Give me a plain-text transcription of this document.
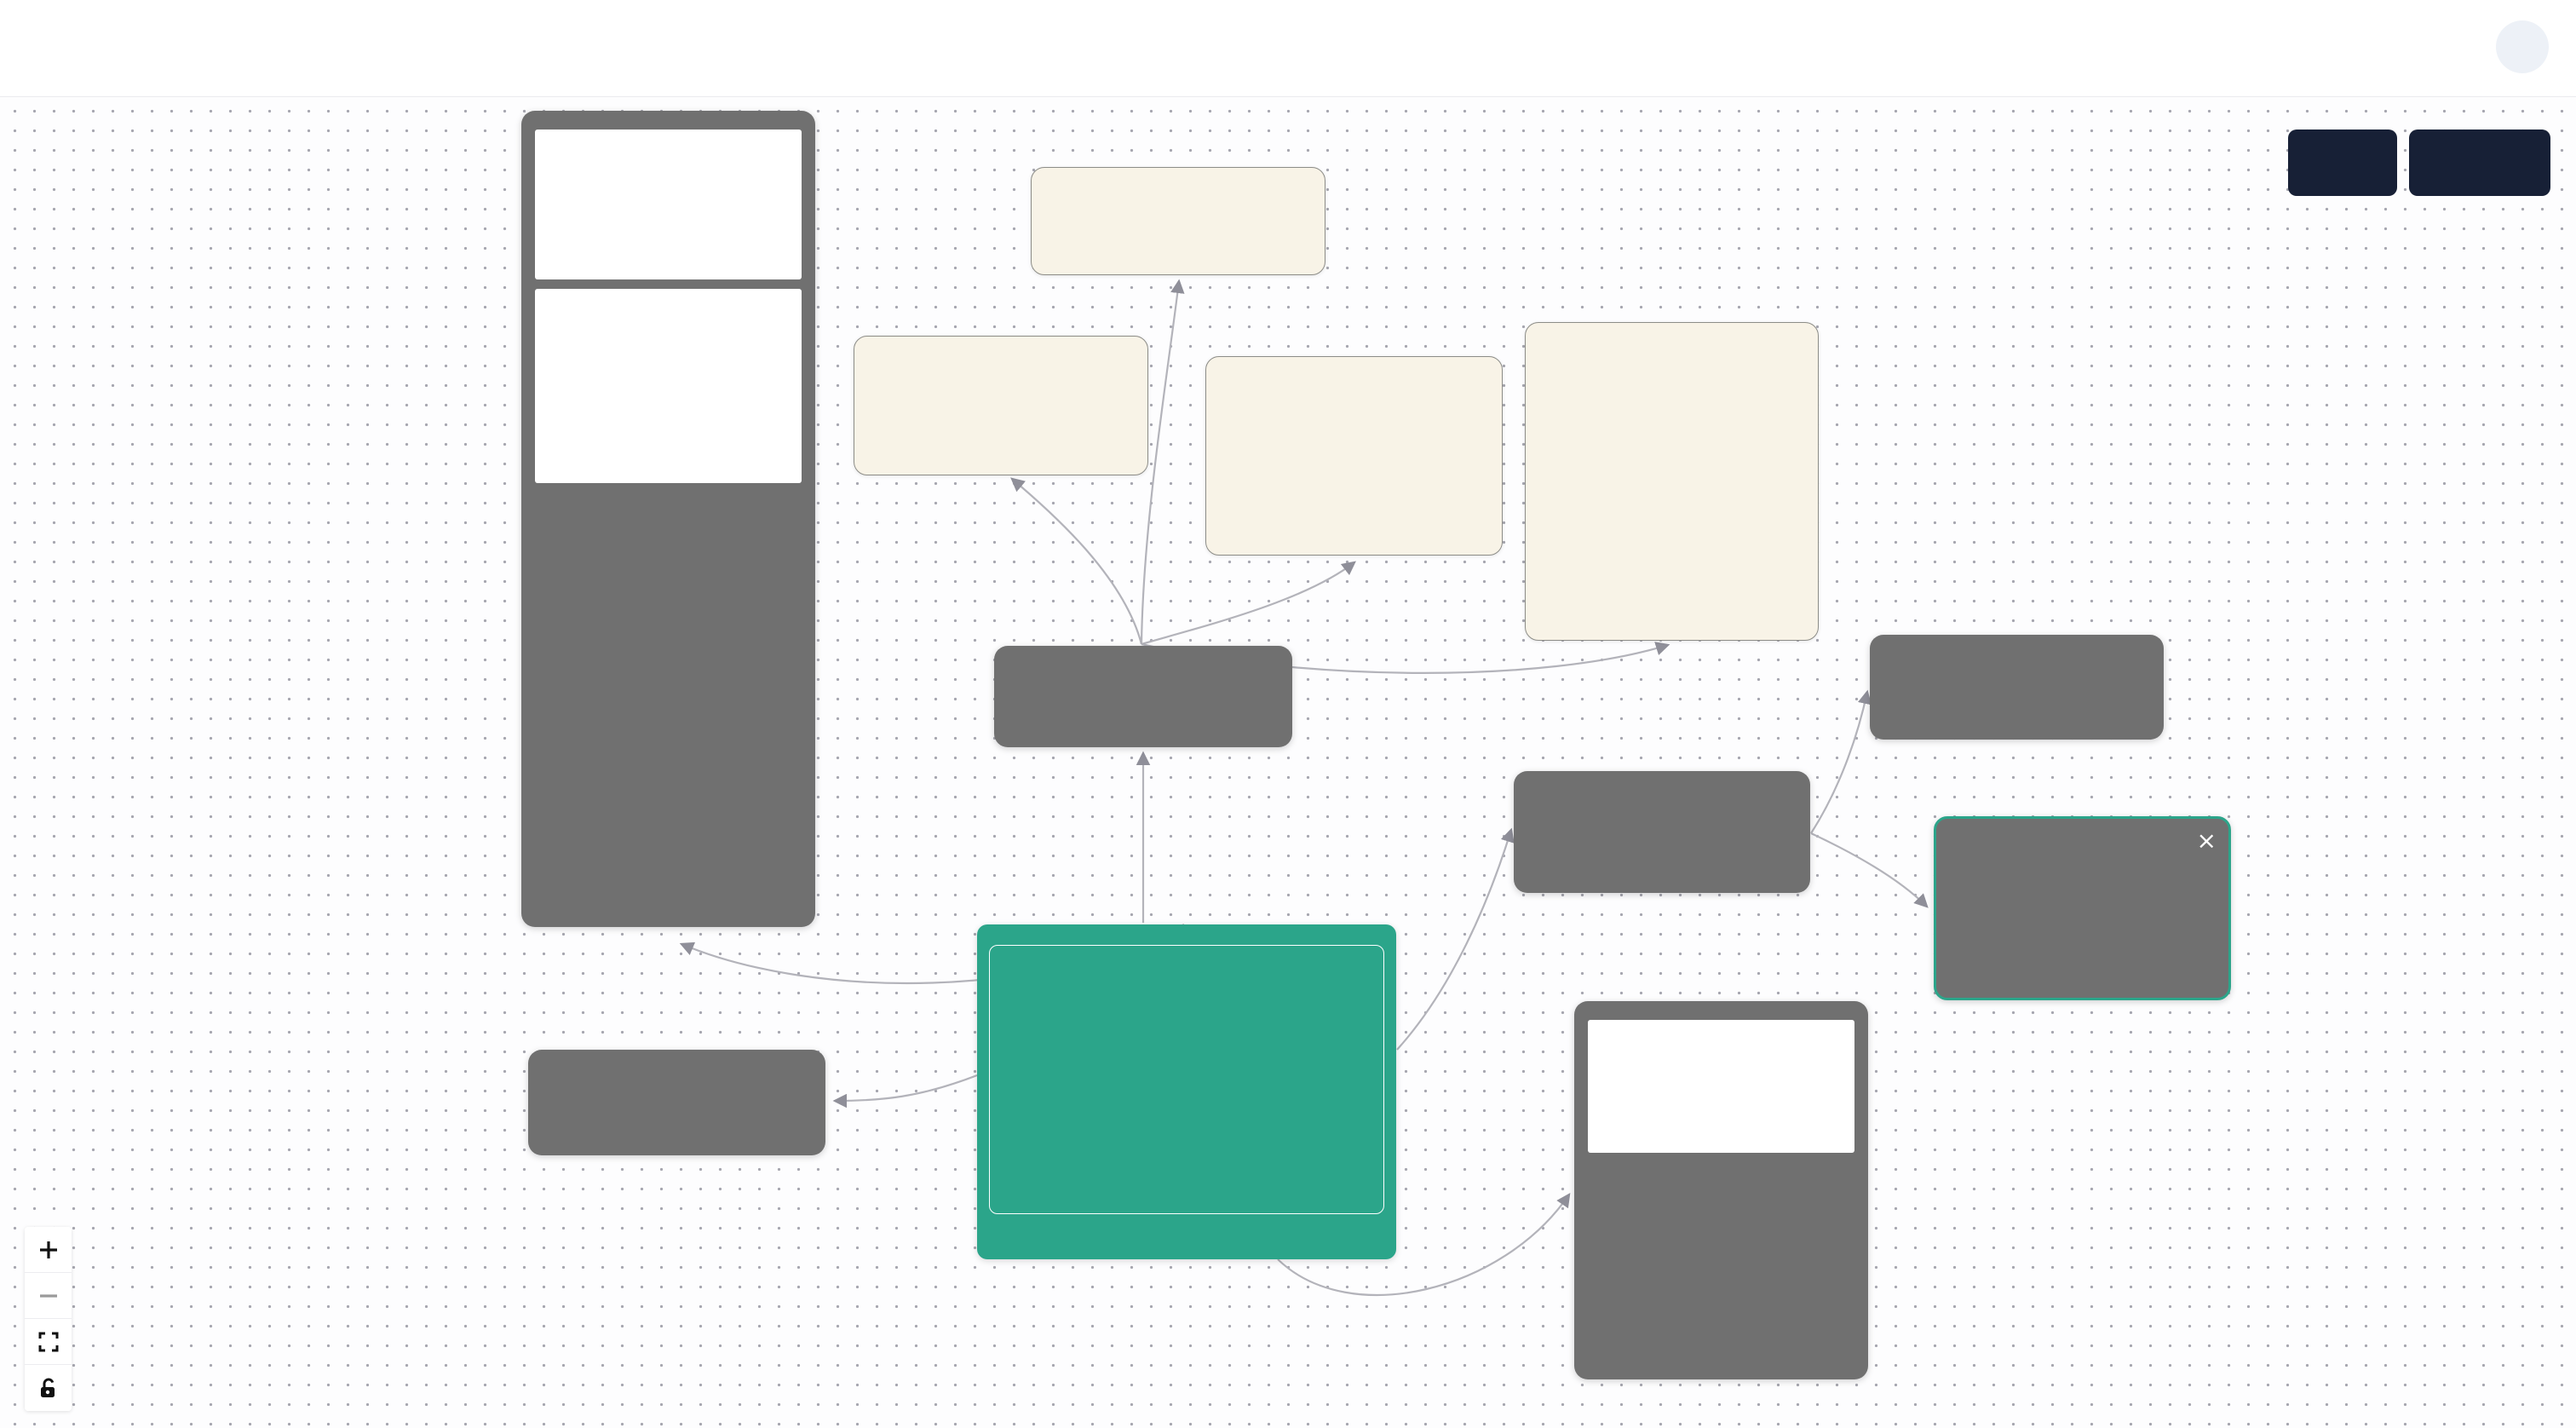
×

×
×
